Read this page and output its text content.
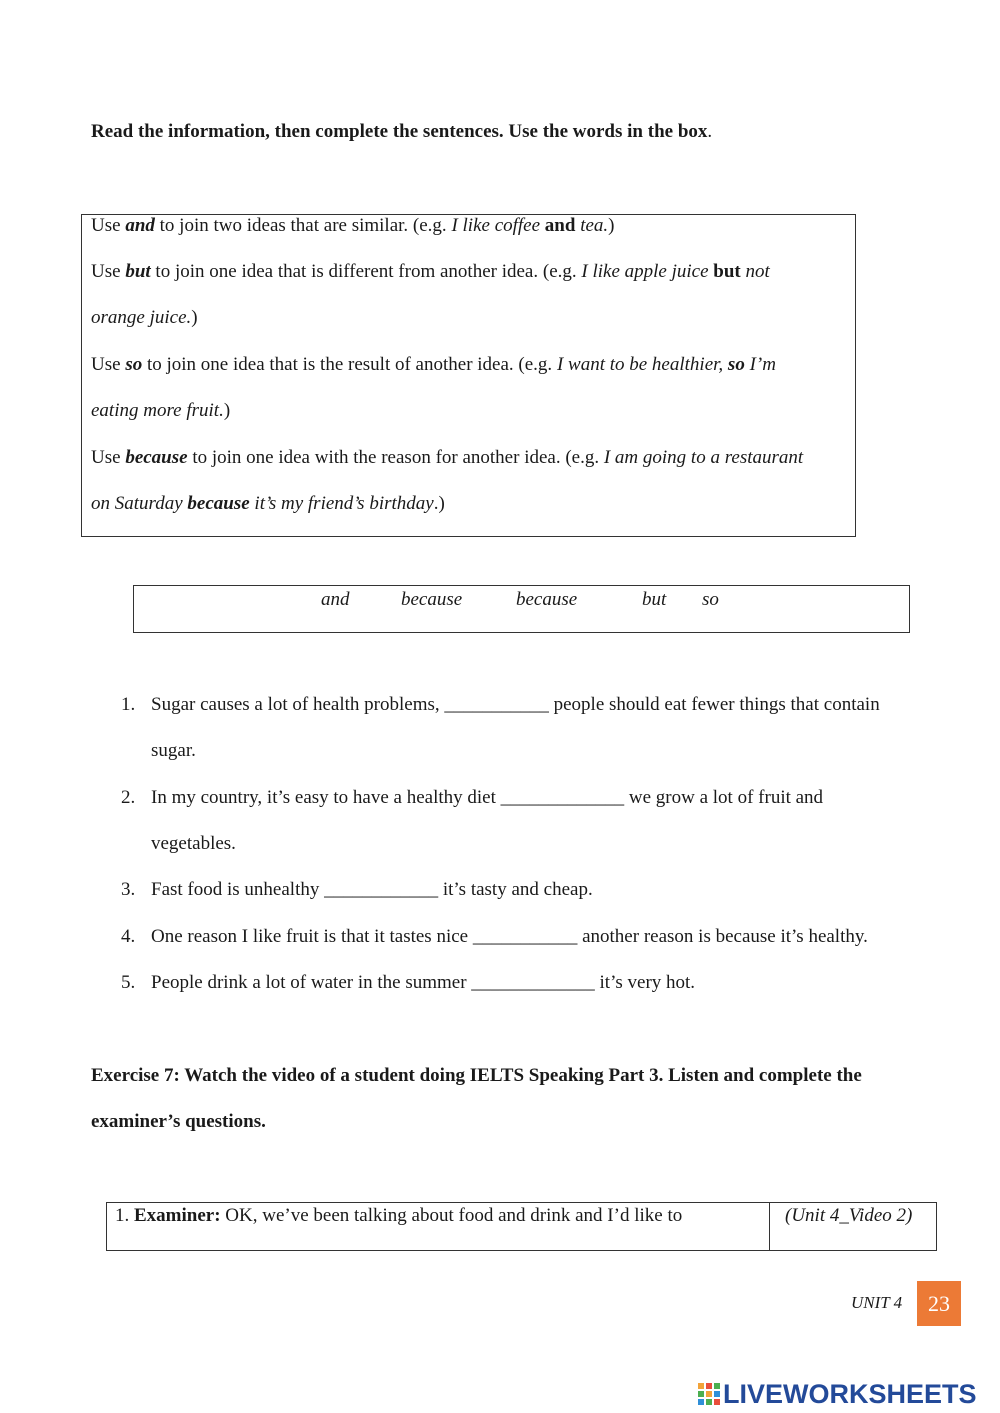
Read the information, then complete the sentences. Use the words in the box.
Use and to join two ideas that are similar. (e.g. I like coffee and tea.)
Use but to join one idea that is different from another idea. (e.g. I like apple juice but not
orange juice.)
Use so to join one idea that is the result of another idea. (e.g. I want to be healthier, so I’m
eating more fruit.)
Use because to join one idea with the reason for another idea. (e.g. I am going to a restaurant
on Saturday because it’s my friend’s birthday.)
and	because	because	but so
1. Sugar causes a lot of health problems, ___________ people should eat fewer things that contain
sugar.
2. In my country, it’s easy to have a healthy diet _____________ we grow a lot of fruit and
vegetables.
3. Fast food is unhealthy ____________ it’s tasty and cheap.
4. One reason I like fruit is that it tastes nice ___________ another reason is because it’s healthy.
5. People drink a lot of water in the summer _____________ it’s very hot.
Exercise 7: Watch the video of a student doing IELTS Speaking Part 3. Listen and complete the
examiner’s questions.
1. Examiner: OK, we’ve been talking about food and drink and I’d like to	(Unit 4_Video 2)
UNIT 4	23
LIVEWORKSHEETS
